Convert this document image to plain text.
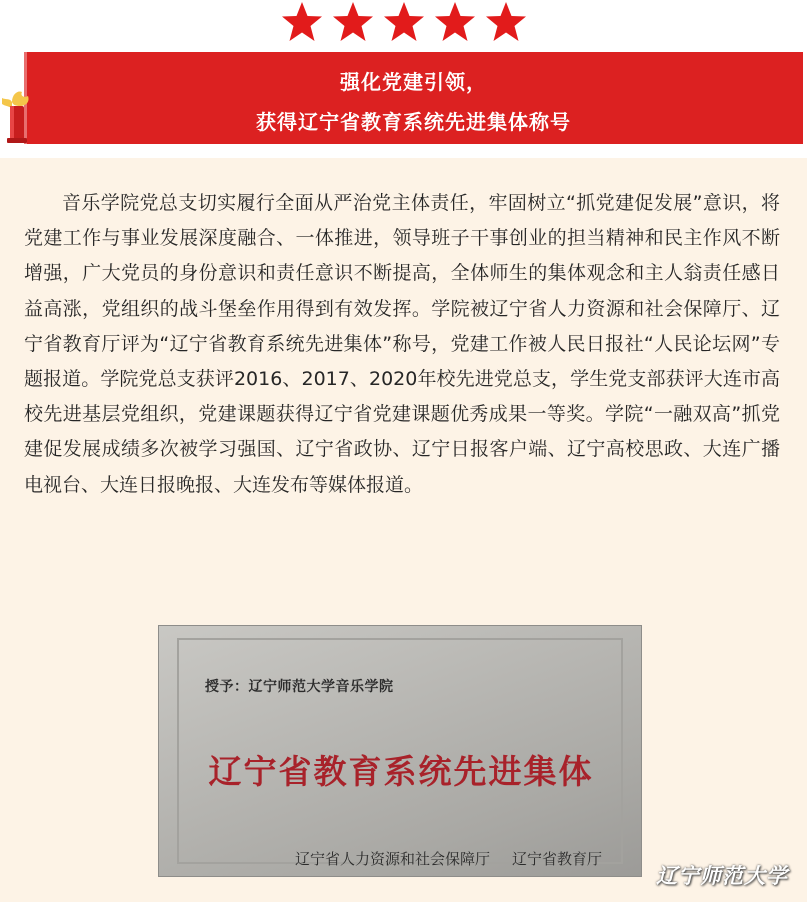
强化党建引领，
获得辽宁省教育系统先进集体称号

音乐学院党总支切实履行全面从严治党主体责任，牢固树立“抓党建促发展”意识，将党建工作与事业发展深度融合、一体推进，领导班子干事创业的担当精神和民主作风不断增强，广大党员的身份意识和责任意识不断提高，全体师生的集体观念和主人翁责任感日益高涨，党组织的战斗堡垒作用得到有效发挥。学院被辽宁省人力资源和社会保障厅、辽宁省教育厅评为“辽宁省教育系统先进集体”称号，党建工作被人民日报社“人民论坛网”专题报道。学院党总支获评2016、2017、2020年校先进党总支，学生党支部获评大连市高校先进基层党组织，党建课题获得辽宁省党建课题优秀成果一等奖。学院“一融双高”抓党建促发展成绩多次被学习强国、辽宁省政协、辽宁日报客户端、辽宁高校思政、大连广播电视台、大连日报晚报、大连发布等媒体报道。

授予：辽宁师范大学音乐学院

辽宁省教育系统先进集体

辽宁省人力资源和社会保障厅 辽宁省教育厅

辽宁师范大学
